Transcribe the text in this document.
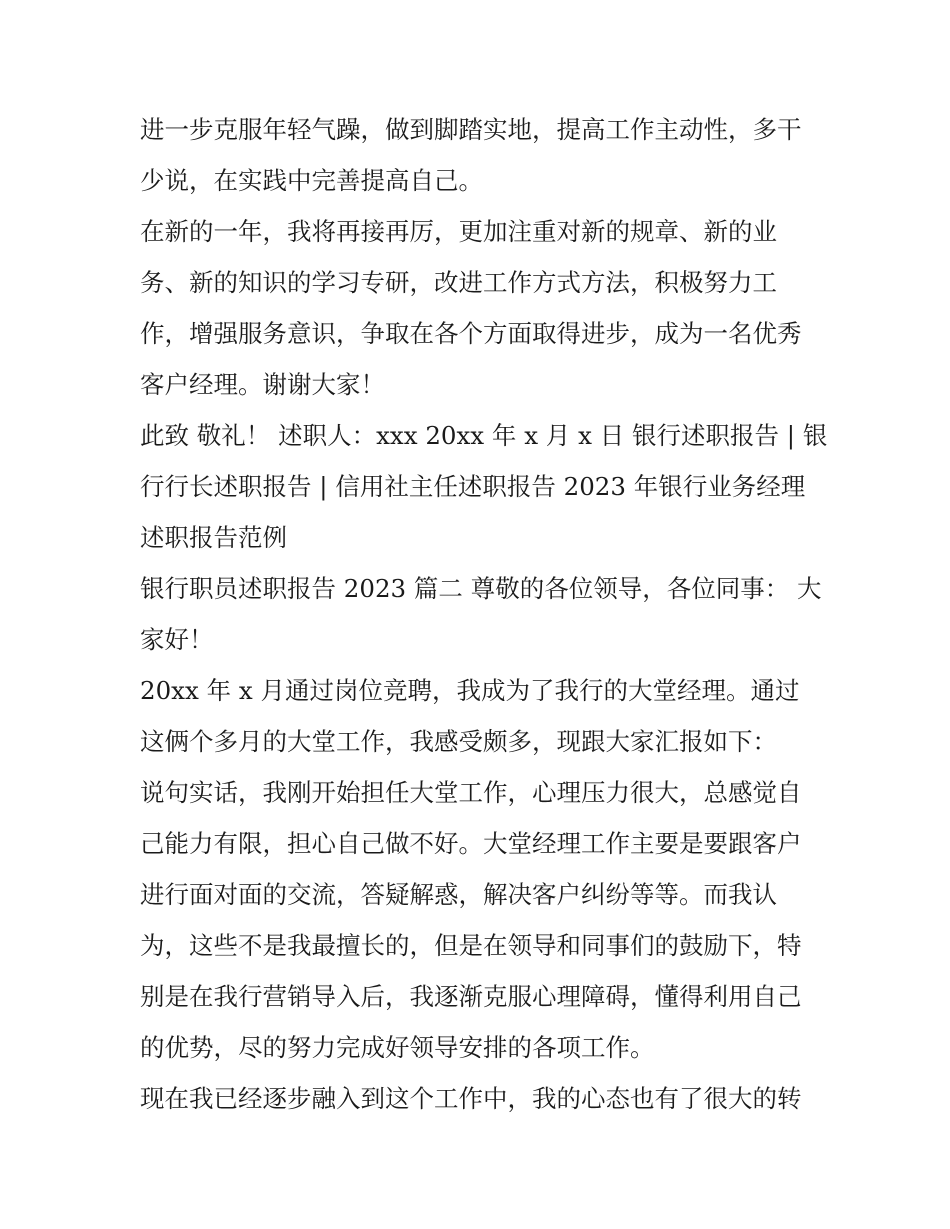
进一步克服年轻气躁，做到脚踏实地，提高工作主动性，多干
少说，在实践中完善提高自己。
在新的一年，我将再接再厉，更加注重对新的规章、新的业
务、新的知识的学习专研，改进工作方式方法，积极努力工
作，增强服务意识，争取在各个方面取得进步，成为一名优秀
客户经理。谢谢大家！
此致 敬礼！ 述职人：xxx 20xx 年 x 月 x 日 银行述职报告 | 银
行行长述职报告 | 信用社主任述职报告 2023 年银行业务经理
述职报告范例
银行职员述职报告 2023 篇二 尊敬的各位领导，各位同事： 大
家好！
20xx 年 x 月通过岗位竞聘，我成为了我行的大堂经理。通过
这俩个多月的大堂工作，我感受颇多，现跟大家汇报如下：
说句实话，我刚开始担任大堂工作，心理压力很大，总感觉自
己能力有限，担心自己做不好。大堂经理工作主要是要跟客户
进行面对面的交流，答疑解惑，解决客户纠纷等等。而我认
为，这些不是我最擅长的，但是在领导和同事们的鼓励下，特
别是在我行营销导入后，我逐渐克服心理障碍，懂得利用自己
的优势，尽的努力完成好领导安排的各项工作。
现在我已经逐步融入到这个工作中，我的心态也有了很大的转
